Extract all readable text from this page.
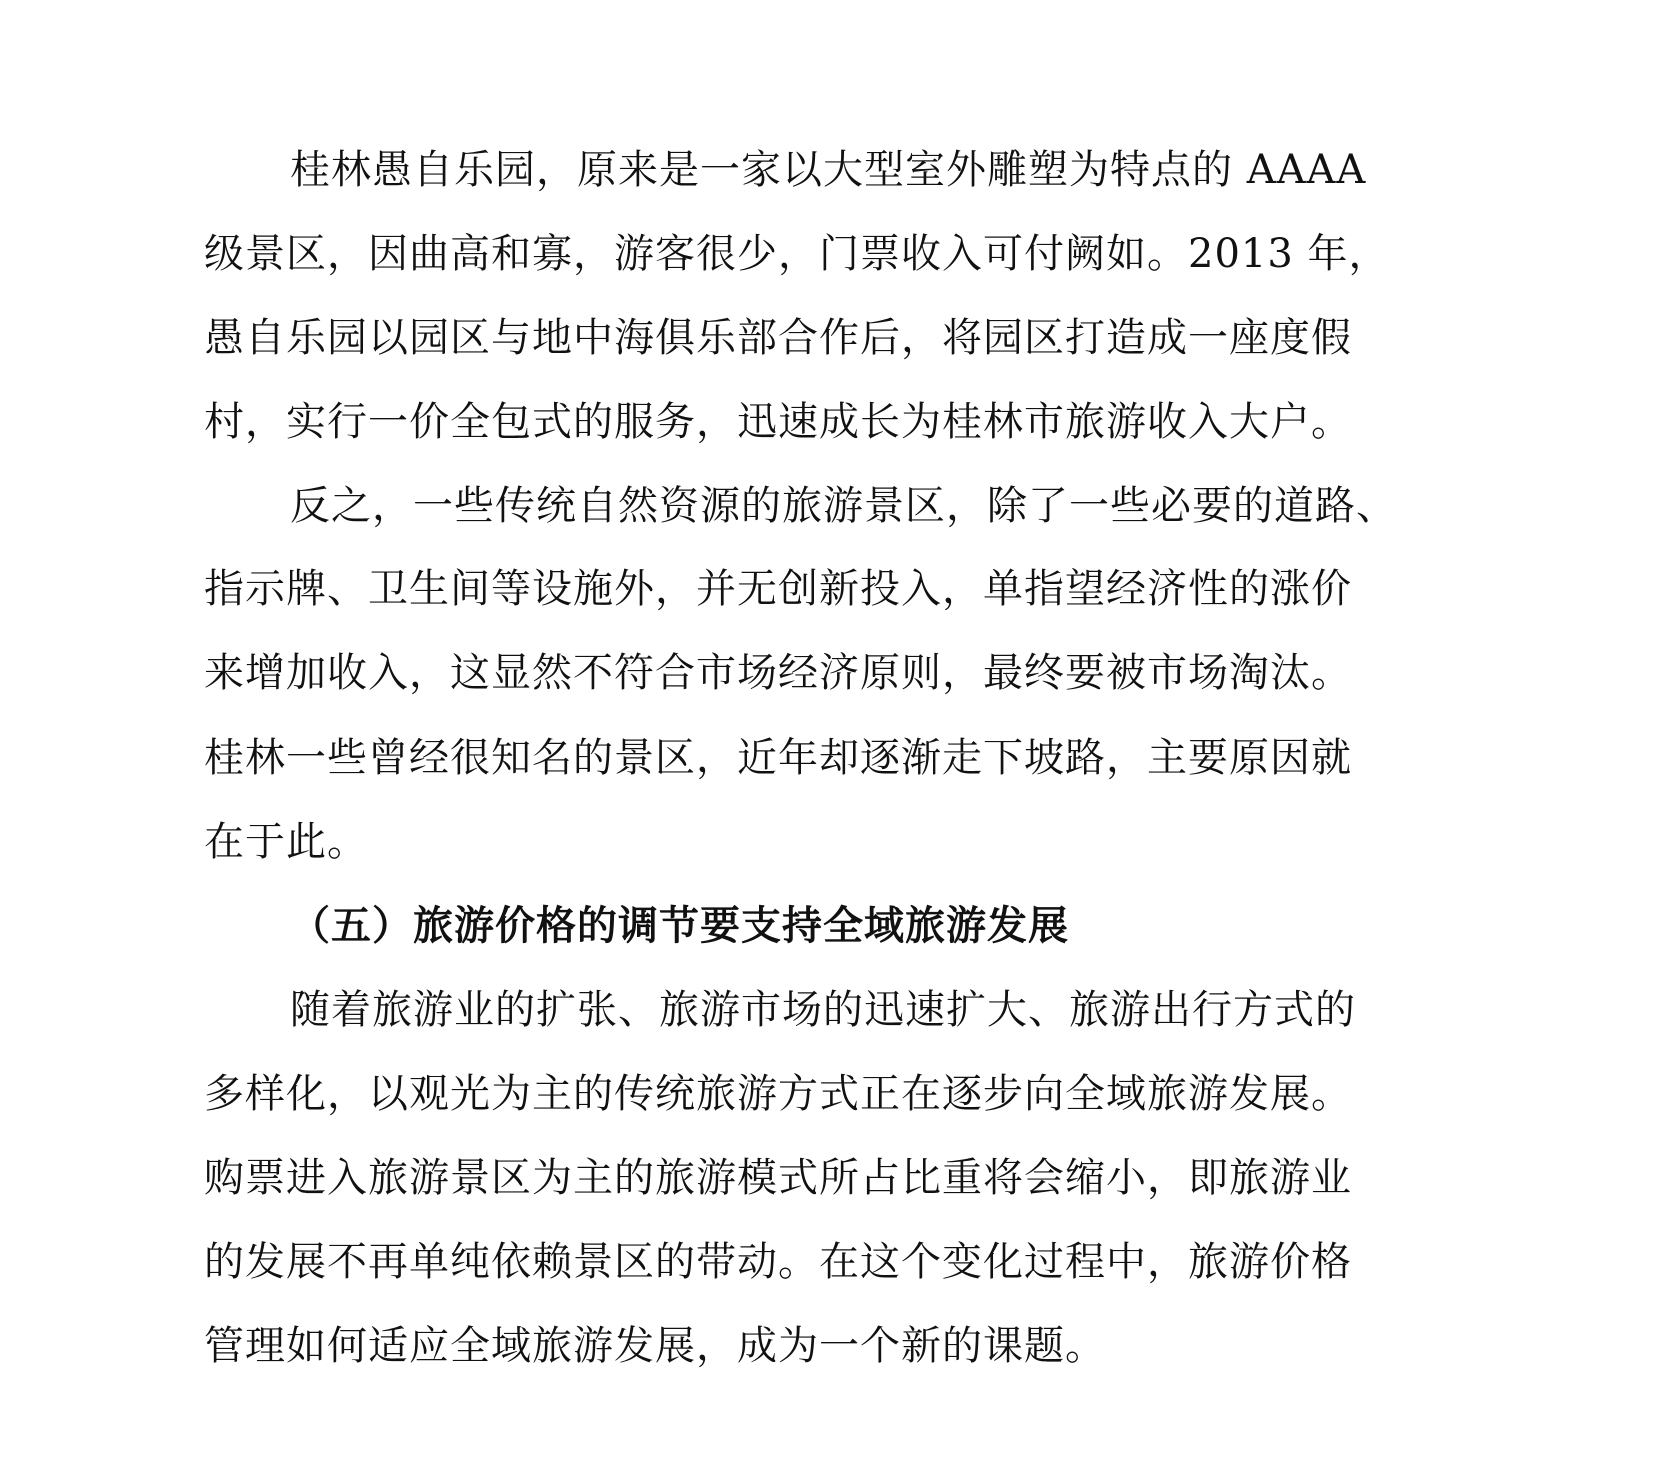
桂林愚自乐园，原来是一家以大型室外雕塑为特点的 AAAA
级景区，因曲高和寡，游客很少，门票收入可付阙如。2013 年，
愚自乐园以园区与地中海俱乐部合作后，将园区打造成一座度假
村，实行一价全包式的服务，迅速成长为桂林市旅游收入大户。
反之，一些传统自然资源的旅游景区，除了一些必要的道路、
指示牌、卫生间等设施外，并无创新投入，单指望经济性的涨价
来增加收入，这显然不符合市场经济原则，最终要被市场淘汰。
桂林一些曾经很知名的景区，近年却逐渐走下坡路，主要原因就
在于此。
（五）旅游价格的调节要支持全域旅游发展
随着旅游业的扩张、旅游市场的迅速扩大、旅游出行方式的
多样化，以观光为主的传统旅游方式正在逐步向全域旅游发展。
购票进入旅游景区为主的旅游模式所占比重将会缩小，即旅游业
的发展不再单纯依赖景区的带动。在这个变化过程中，旅游价格
管理如何适应全域旅游发展，成为一个新的课题。
